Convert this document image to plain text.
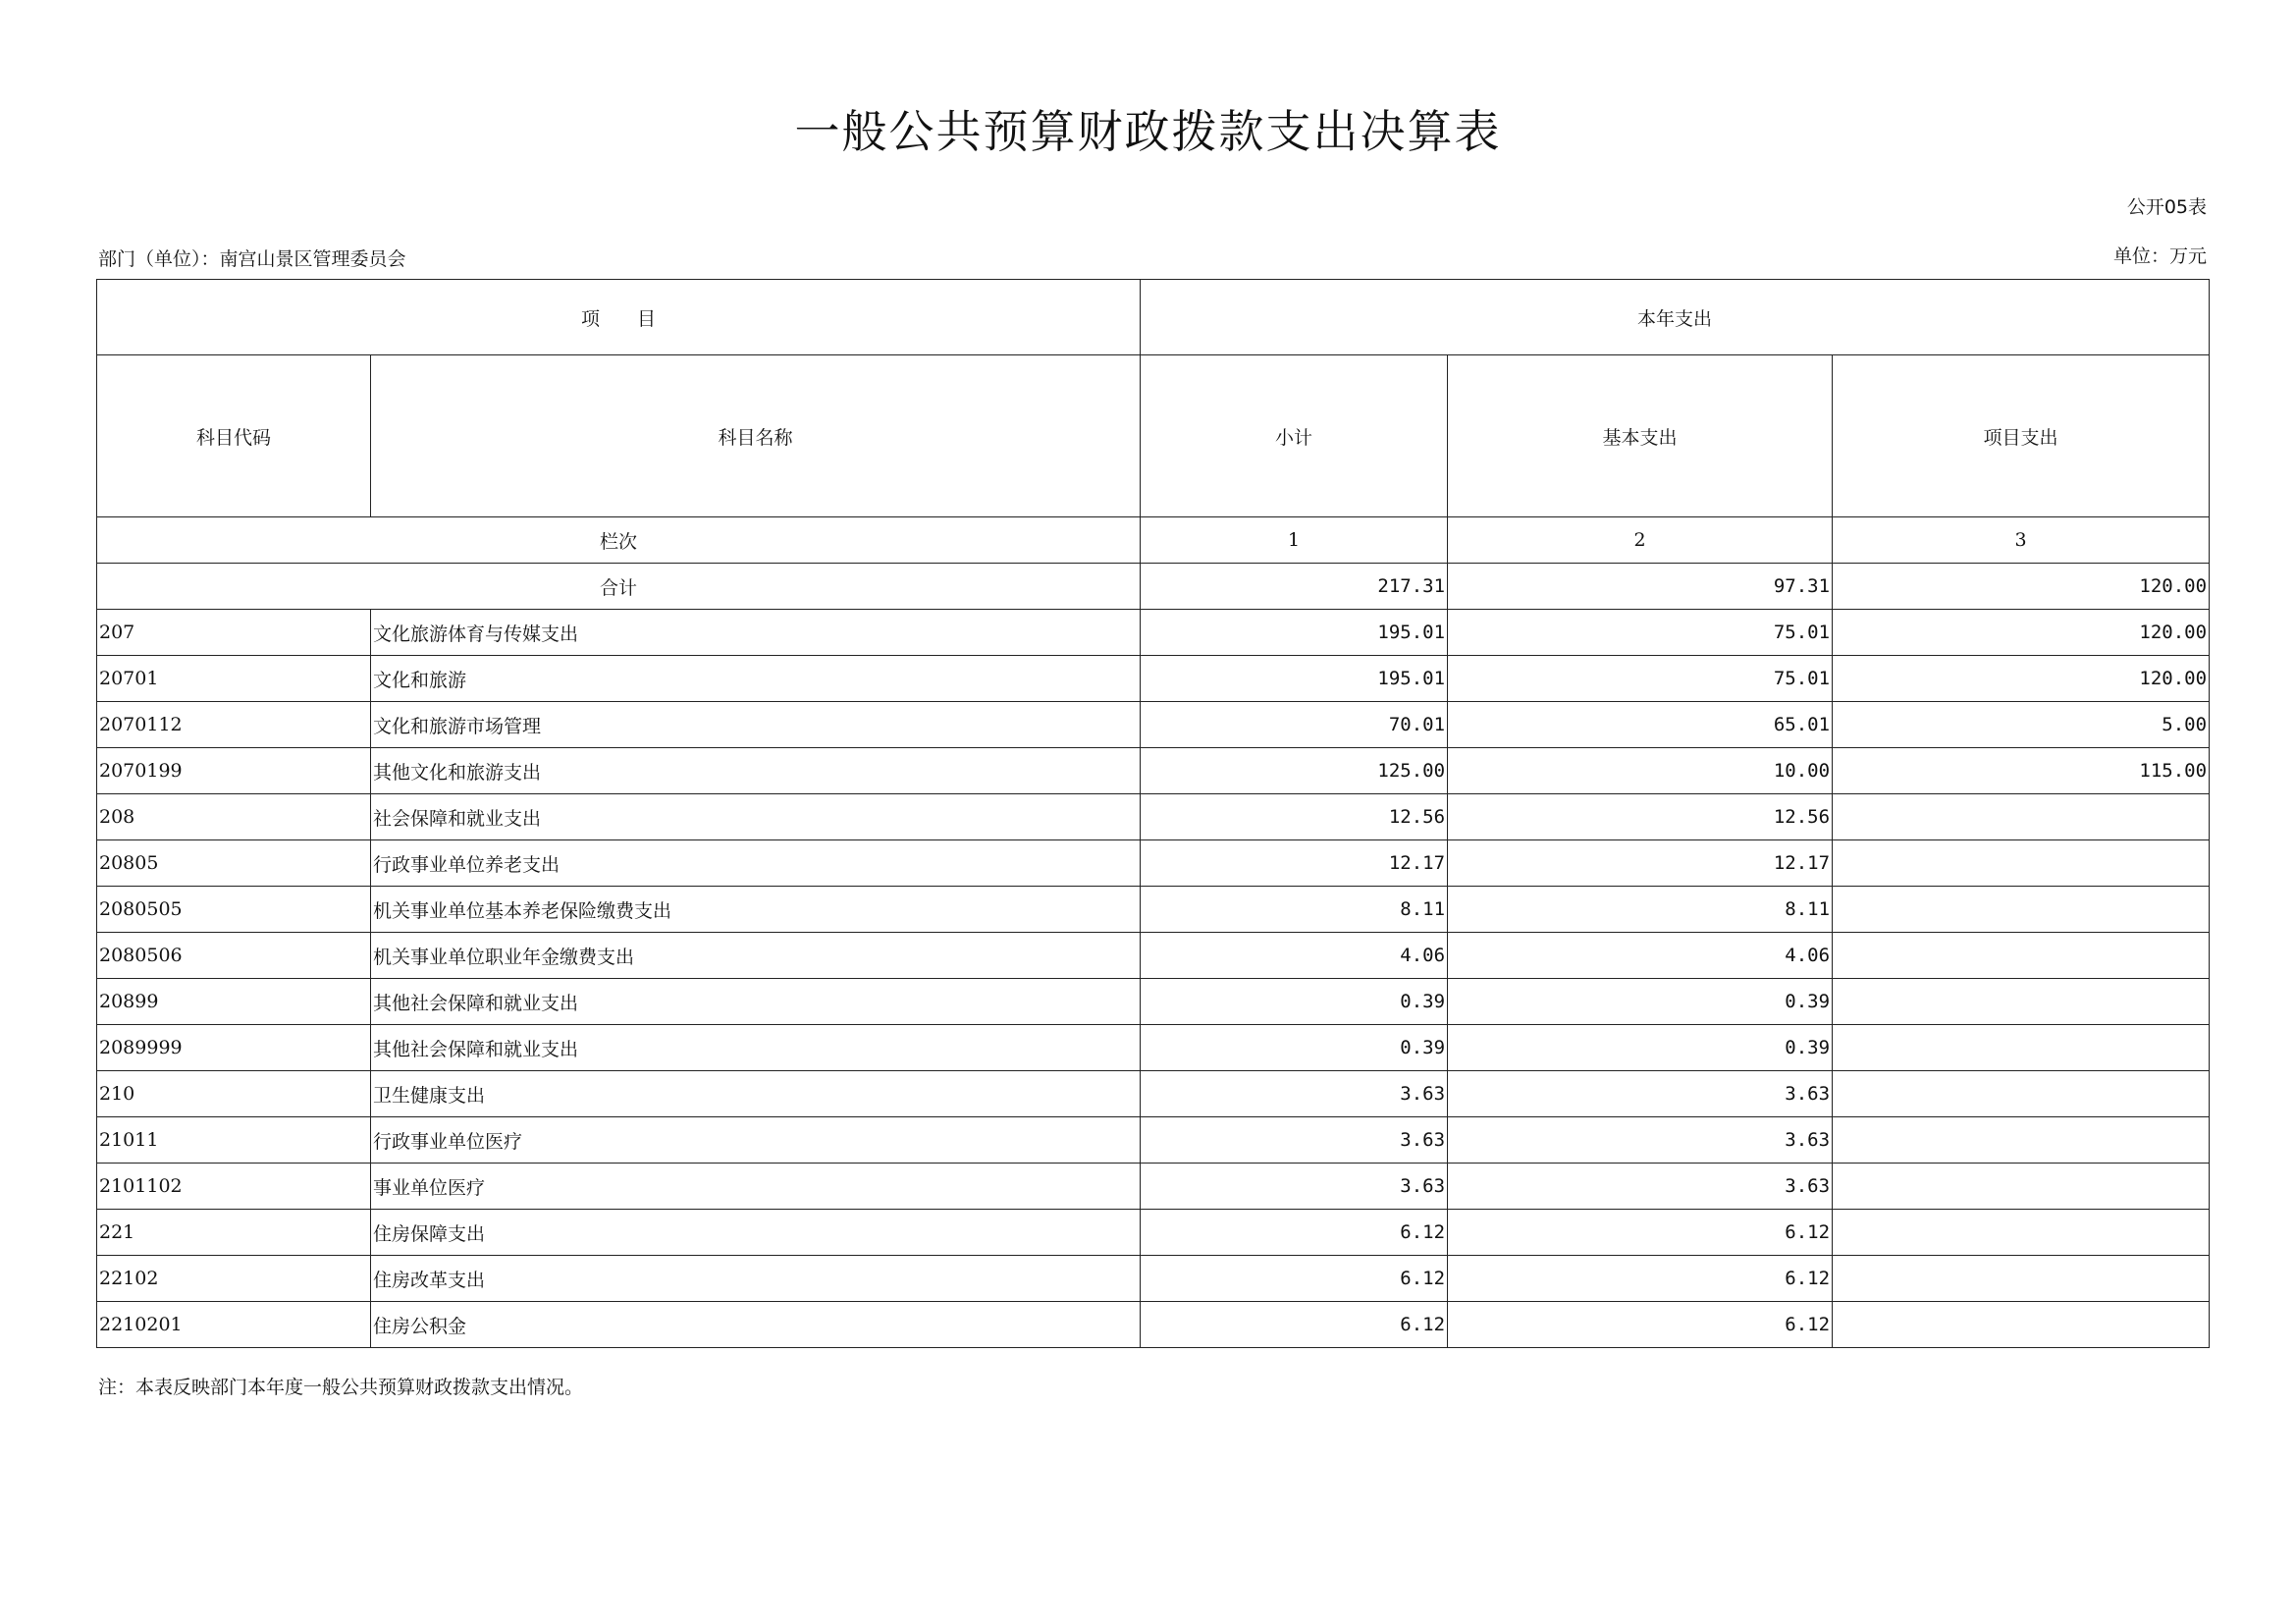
一般公共预算财政拨款支出决算表
公开05表
部门（单位）：南宫山景区管理委员会	单位：万元
项　　目		本年支出		
科目代码	科目名称	小计	基本支出	项目支出
栏次		1	2	3
合计		217.31	97.31	120.00
207	文化旅游体育与传媒支出	195.01	75.01	120.00
20701	文化和旅游	195.01	75.01	120.00
2070112	文化和旅游市场管理	70.01	65.01	5.00
2070199	其他文化和旅游支出	125.00	10.00	115.00
208	社会保障和就业支出	12.56	12.56	
20805	行政事业单位养老支出	12.17	12.17	
2080505	机关事业单位基本养老保险缴费支出	8.11	8.11	
2080506	机关事业单位职业年金缴费支出	4.06	4.06	
20899	其他社会保障和就业支出	0.39	0.39	
2089999	其他社会保障和就业支出	0.39	0.39	
210	卫生健康支出	3.63	3.63	
21011	行政事业单位医疗	3.63	3.63	
2101102	事业单位医疗	3.63	3.63	
221	住房保障支出	6.12	6.12	
22102	住房改革支出	6.12	6.12	
2210201	住房公积金	6.12	6.12	
注：本表反映部门本年度一般公共预算财政拨款支出情况。
